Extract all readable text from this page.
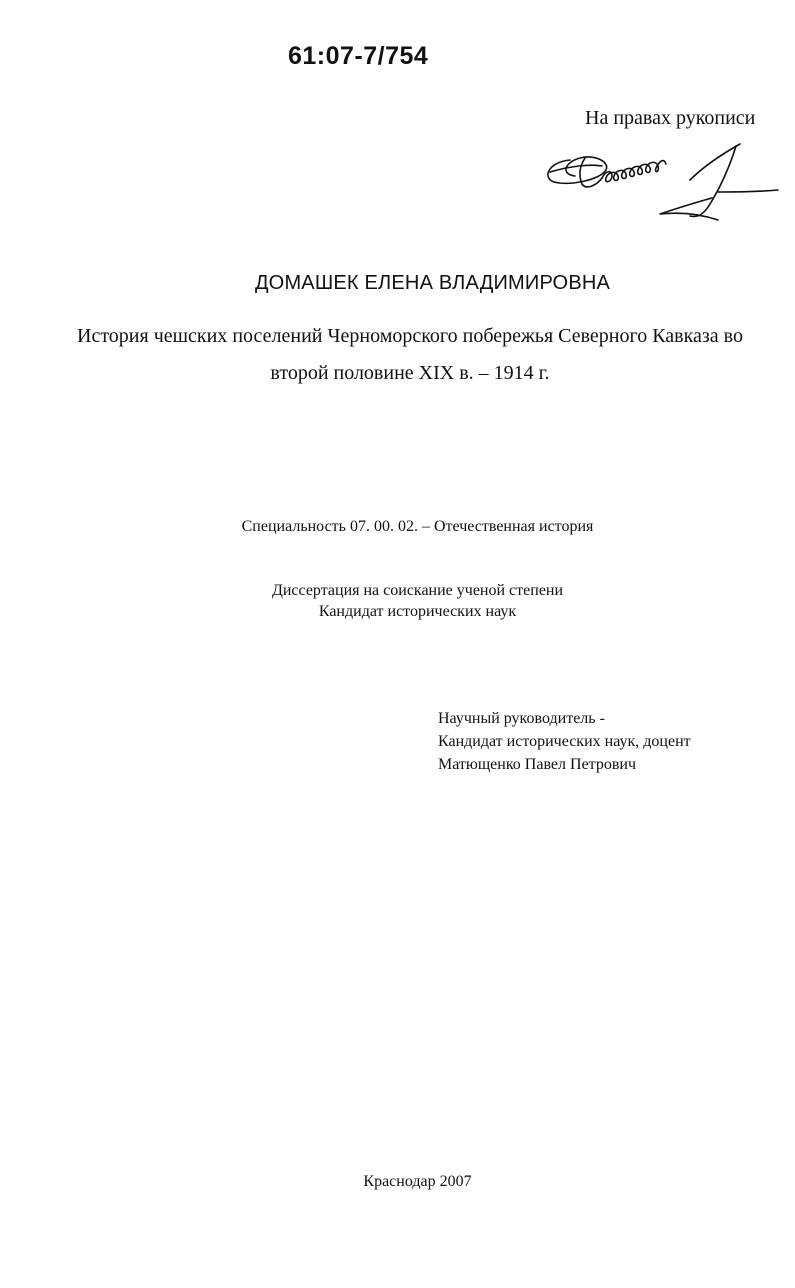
61:07-7/754
На правах рукописи
ДОМАШЕК ЕЛЕНА ВЛАДИМИРОВНА
История чешских поселений Черноморского побережья Северного Кавказа во
второй половине XIX в. – 1914 г.
Специальность 07. 00. 02. – Отечественная история
Диссертация на соискание ученой степени
Кандидат исторических наук
Научный руководитель -
Кандидат исторических наук, доцент
Матющенко Павел Петрович
Краснодар 2007
